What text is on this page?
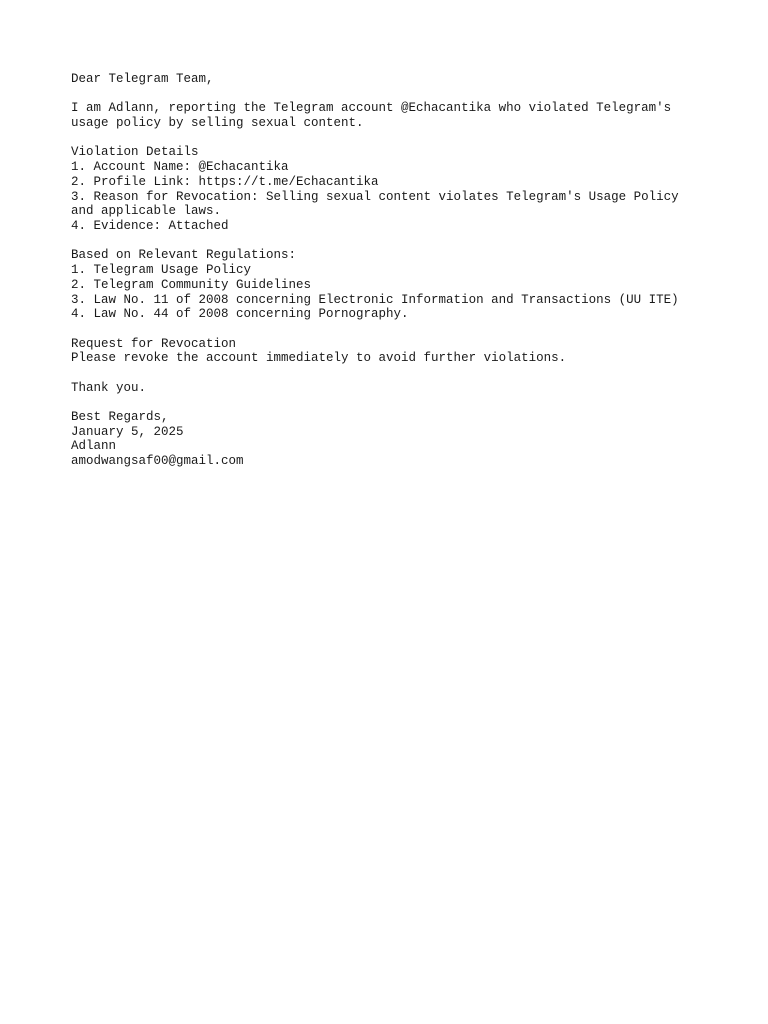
Dear Telegram Team,
I am Adlann, reporting the Telegram account @Echacantika who violated Telegram's
usage policy by selling sexual content.
Violation Details
1. Account Name: @Echacantika
2. Profile Link: https://t.me/Echacantika
3. Reason for Revocation: Selling sexual content violates Telegram's Usage Policy
and applicable laws.
4. Evidence: Attached
Based on Relevant Regulations:
1. Telegram Usage Policy
2. Telegram Community Guidelines
3. Law No. 11 of 2008 concerning Electronic Information and Transactions (UU ITE)
4. Law No. 44 of 2008 concerning Pornography.
Request for Revocation
Please revoke the account immediately to avoid further violations.
Thank you.
Best Regards,
January 5, 2025
Adlann
amodwangsaf00@gmail.com
